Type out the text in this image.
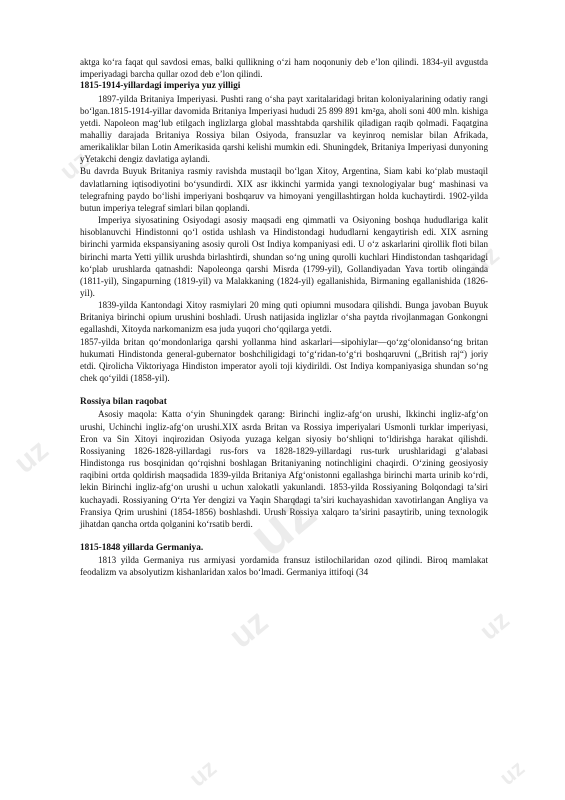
uz
uz
uz
uz
uz	uz
uz
uz

aktga ko‘ra faqat qul savdosi emas, balki qullikning o‘zi ham noqonuniy deb e’lon qilindi. 1834-yil avgustda imperiyadagi barcha qullar ozod deb e’lon qilindi.

1815-1914-yillardagi imperiya yuz yilligi

1897-yilda Britaniya Imperiyasi. Pushti rang o‘sha payt xaritalaridagi britan koloniyalarining odatiy rangi bo‘lgan.1815-1914-yillar davomida Britaniya Imperiyasi hududi 25 899 891 km²ga, aholi soni 400 mln. kishiga yetdi. Napoleon mag‘lub etilgach inglizlarga global masshtabda qarshilik qiladigan raqib qolmadi. Faqatgina mahalliy darajada Britaniya Rossiya bilan Osiyoda, fransuzlar va keyinroq nemislar bilan Afrikada, amerikaliklar bilan Lotin Amerikasida qarshi kelishi mumkin edi. Shuningdek, Britaniya Imperiyasi dunyoning yYetakchi dengiz davlatiga aylandi.

Bu davrda Buyuk Britaniya rasmiy ravishda mustaqil bo‘lgan Xitoy, Argentina, Siam kabi ko‘plab mustaqil davlatlarning iqtisodiyotini bo‘ysundirdi. XIX asr ikkinchi yarmida yangi texnologiyalar bug‘ mashinasi va telegrafning paydo bo‘lishi imperiyani boshqaruv va himoyani yengillashtirgan holda kuchaytirdi. 1902-yilda butun imperiya telegraf simlari bilan qoplandi.

Imperiya siyosatining Osiyodagi asosiy maqsadi eng qimmatli va Osiyoning boshqa hududlariga kalit hisoblanuvchi Hindistonni qo‘l ostida ushlash va Hindistondagi hududlarni kengaytirish edi. XIX asrning birinchi yarmida ekspansiyaning asosiy quroli Ost Indiya kompaniyasi edi. U o‘z askarlarini qirollik floti bilan birinchi marta Yetti yillik urushda birlashtirdi, shundan so‘ng uning qurolli kuchlari Hindistondan tashqaridagi ko‘plab urushlarda qatnashdi: Napoleonga qarshi Misrda (1799-yil), Gollandiyadan Yava tortib olinganda (1811-yil), Singapurning (1819-yil) va Malakkaning (1824-yil) egallanishida, Birmaning egallanishida (1826-yil).

1839-yilda Kantondagi Xitoy rasmiylari 20 ming quti opiumni musodara qilishdi. Bunga javoban Buyuk Britaniya birinchi opium urushini boshladi. Urush natijasida inglizlar o‘sha paytda rivojlanmagan Gonkongni egallashdi, Xitoyda narkomanizm esa juda yuqori cho‘qqilarga yetdi.

1857-yilda britan qo‘mondonlariga qarshi yollanma hind askarlari—sipohiylar—qo‘zg‘olonidanso‘ng britan hukumati Hindistonda general-gubernator boshchiligidagi to‘g‘ridan-to‘g‘ri boshqaruvni („British raj“) joriy etdi. Qirolicha Viktoriyaga Hindiston imperator ayoli toji kiydirildi. Ost Indiya kompaniyasiga shundan so‘ng chek qo‘yildi (1858-yil).

Rossiya bilan raqobat

Asosiy maqola: Katta o‘yin Shuningdek qarang: Birinchi ingliz-afg‘on urushi, Ikkinchi ingliz-afg‘on urushi, Uchinchi ingliz-afg‘on urushi.XIX asrda Britan va Rossiya imperiyalari Usmonli turklar imperiyasi, Eron va Sin Xitoyi inqirozidan Osiyoda yuzaga kelgan siyosiy bo‘shliqni to‘ldirishga harakat qilishdi. Rossiyaning 1826-1828-yillardagi rus-fors va 1828-1829-yillardagi rus-turk urushlaridagi g‘alabasi Hindistonga rus bosqinidan qo‘rqishni boshlagan Britaniyaning notinchligini chaqirdi. O‘zining geosiyosiy raqibini ortda qoldirish maqsadida 1839-yilda Britaniya Afg‘onistonni egallashga birinchi marta urinib ko‘rdi, lekin Birinchi ingliz-afg‘on urushi u uchun xalokatli yakunlandi. 1853-yilda Rossiyaning Bolqondagi ta’siri kuchayadi. Rossiyaning O‘rta Yer dengizi va Yaqin Sharqdagi ta’siri kuchayashidan xavotirlangan Angliya va Fransiya Qrim urushini (1854-1856) boshlashdi. Urush Rossiya xalqaro ta’sirini pasaytirib, uning texnologik jihatdan qancha ortda qolganini ko‘rsatib berdi.

1815-1848 yillarda Germaniya.

1813 yilda Germaniya rus armiyasi yordamida fransuz istilochilaridan ozod qilindi. Biroq mamlakat feodalizm va absolyutizm kishanlaridan xalos bo‘lmadi. Germaniya ittifoqi (34
